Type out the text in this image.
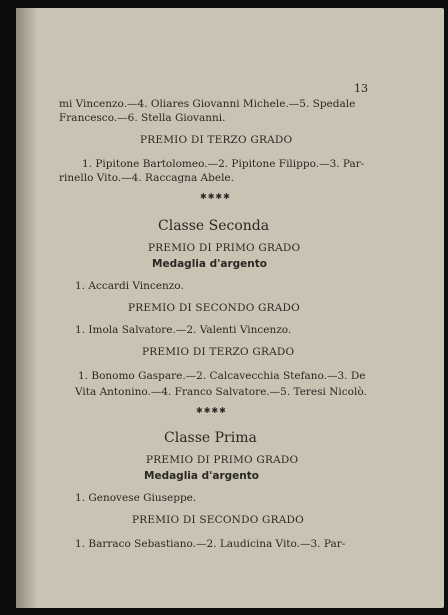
13
mi Vincenzo.—4. Oliares Giovanni Michele.—5. Spedale
Francesco.—6. Stella Giovanni.
PREMIO DI TERZO GRADO
1. Pipitone Bartolomeo.—2. Pipitone Filippo.—3. Par-
rinello Vito.—4. Raccagna Abele.
✱✱✱✱
Classe Seconda
PREMIO DI PRIMO GRADO
Medaglia d'argento
1. Accardi Vincenzo.
PREMIO DI SECONDO GRADO
1. Imola Salvatore.—2. Valenti Vincenzo.
PREMIO DI TERZO GRADO
1. Bonomo Gaspare.—2. Calcavecchia Stefano.—3. De
Vita Antonino.—4. Franco Salvatore.—5. Teresi Nicolò.
✱✱✱✱
Classe Prima
PREMIO DI PRIMO GRADO
Medaglia d'argento
1. Genovese Giuseppe.
PREMIO DI SECONDO GRADO
1. Barraco Sebastiano.—2. Laudicina Vito.—3. Par-
